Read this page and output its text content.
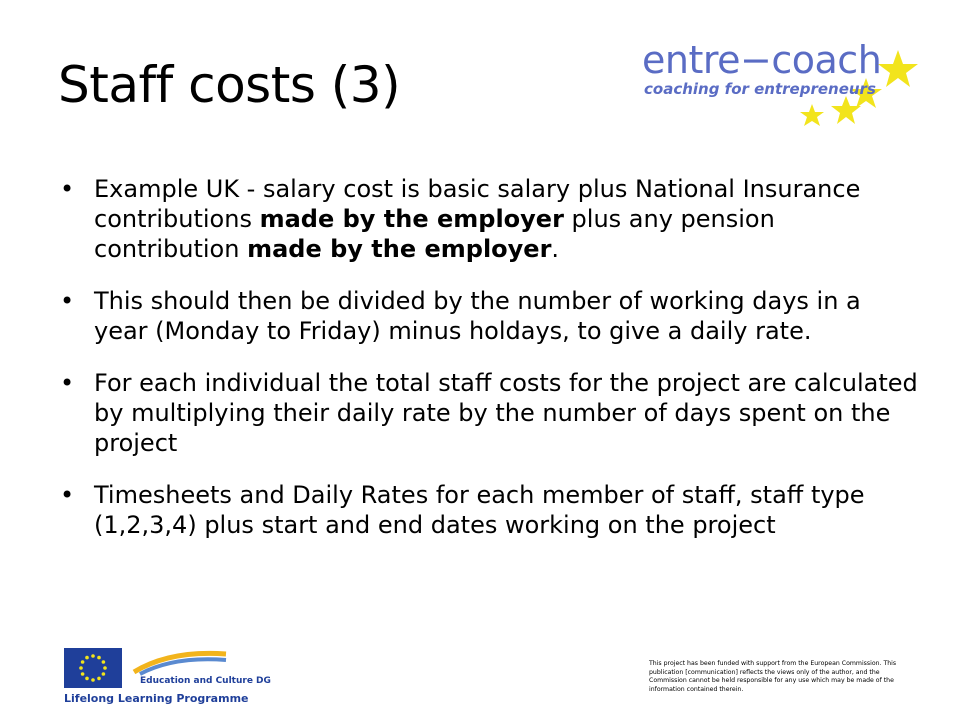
Staff costs (3)	entre−coach
coaching for entrepreneurs
• Example UK - salary cost is basic salary plus National Insurance contributions made by the employer plus any pension contribution made by the employer.
• This should then be divided by the number of working days in a year (Monday to Friday) minus holdays, to give a daily rate.
• For each individual the total staff costs for the project are calculated by multiplying their daily rate by the number of days spent on the project
• Timesheets and Daily Rates for each member of staff, staff type (1,2,3,4) plus start and end dates working on the project
Education and Culture DG
Lifelong Learning Programme
This project has been funded with support from the European Commission. This publication [communication] reflects the views only of the author, and the Commission cannot be held responsible for any use which may be made of the information contained therein.
